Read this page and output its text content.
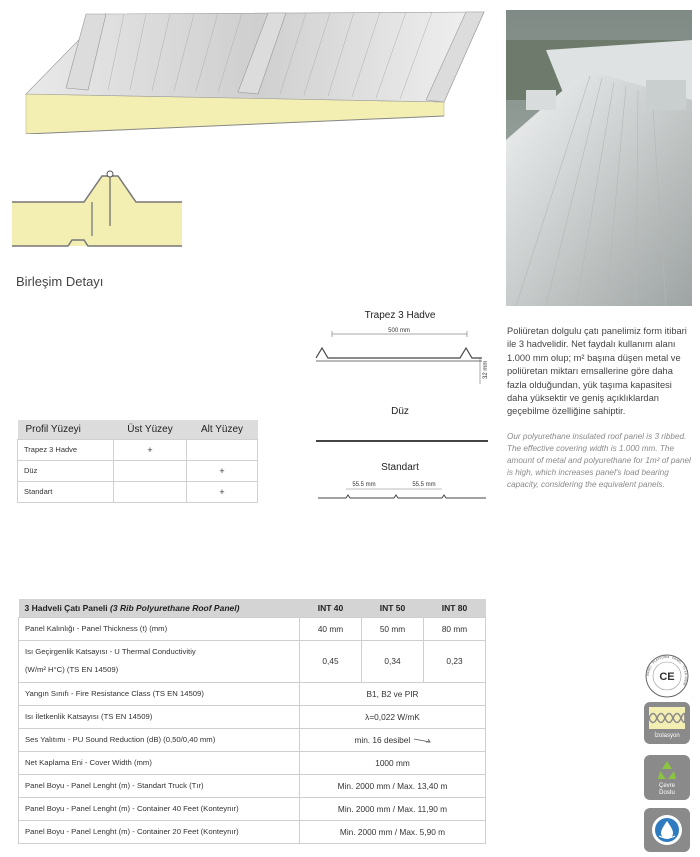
Birleşim Detayı
Trapez 3 Hadve
500 mm
32 mm
Düz
Standart
55.5 mm	55.5 mm
Poliüretan dolgulu çatı panelimiz form itibari ile 3 hadvelidir. Net faydalı kullanım alanı 1.000 mm olup; m² başına düşen metal ve poliüretan miktarı emsallerine göre daha fazla olduğundan, yük taşıma kapasitesi daha yüksektir ve geniş açıklıklardan geçebilme özelliğine sahiptir.
Our polyurethane insulated roof panel is 3 ribbed. The effective covering width is 1.000 mm. The amount of metal and polyurethane for 1m² of panel is high, which increases panel's load bearing capacity, considering the equivalent panels.
Profil Yüzeyi	Üst Yüzey	Alt Yüzey
Trapez 3 Hadve	+	
Düz		+
Standart		+
3 Hadveli Çatı Paneli (3 Rib Polyurethane Roof Panel)	INT 40	INT 50	INT 80
Panel Kalınlığı - Panel Thickness (t) (mm)	40 mm	50 mm	80 mm

Isı Geçirgenlik Katsayısı - U Thermal Conductivitiy
(W/m² H°C) (TS EN 14509)	0,45	0,34	0,23
Yangın Sınıfı - Fire Resistance Class (TS EN 14509)	B1, B2 ve PIR		
Isı İletkenlik Katsayısı (TS EN 14509)	λ=0,022 W/mK		
Ses Yalıtımı - PU Sound Reduction (dB) (0,50/0,40 mm)	min. 16 desibel		
Net Kaplama Eni - Cover Width (mm)	1000 mm		
Panel Boyu - Panel Lenght (m) - Standart Truck (Tır)	Min. 2000 mm / Max. 13,40 m		
Panel Boyu - Panel Lenght (m) - Container 40 Feet (Konteynır)	Min. 2000 mm / Max. 11,90 m		
Panel Boyu - Panel Lenght (m) - Container 20 Feet (Konteynır)	Min. 2000 mm / Max. 5,90 m		
CE
PANEL · PLATFORM · PANEL · TS EN 14509
İzolasyon
Çevre
Dostu
